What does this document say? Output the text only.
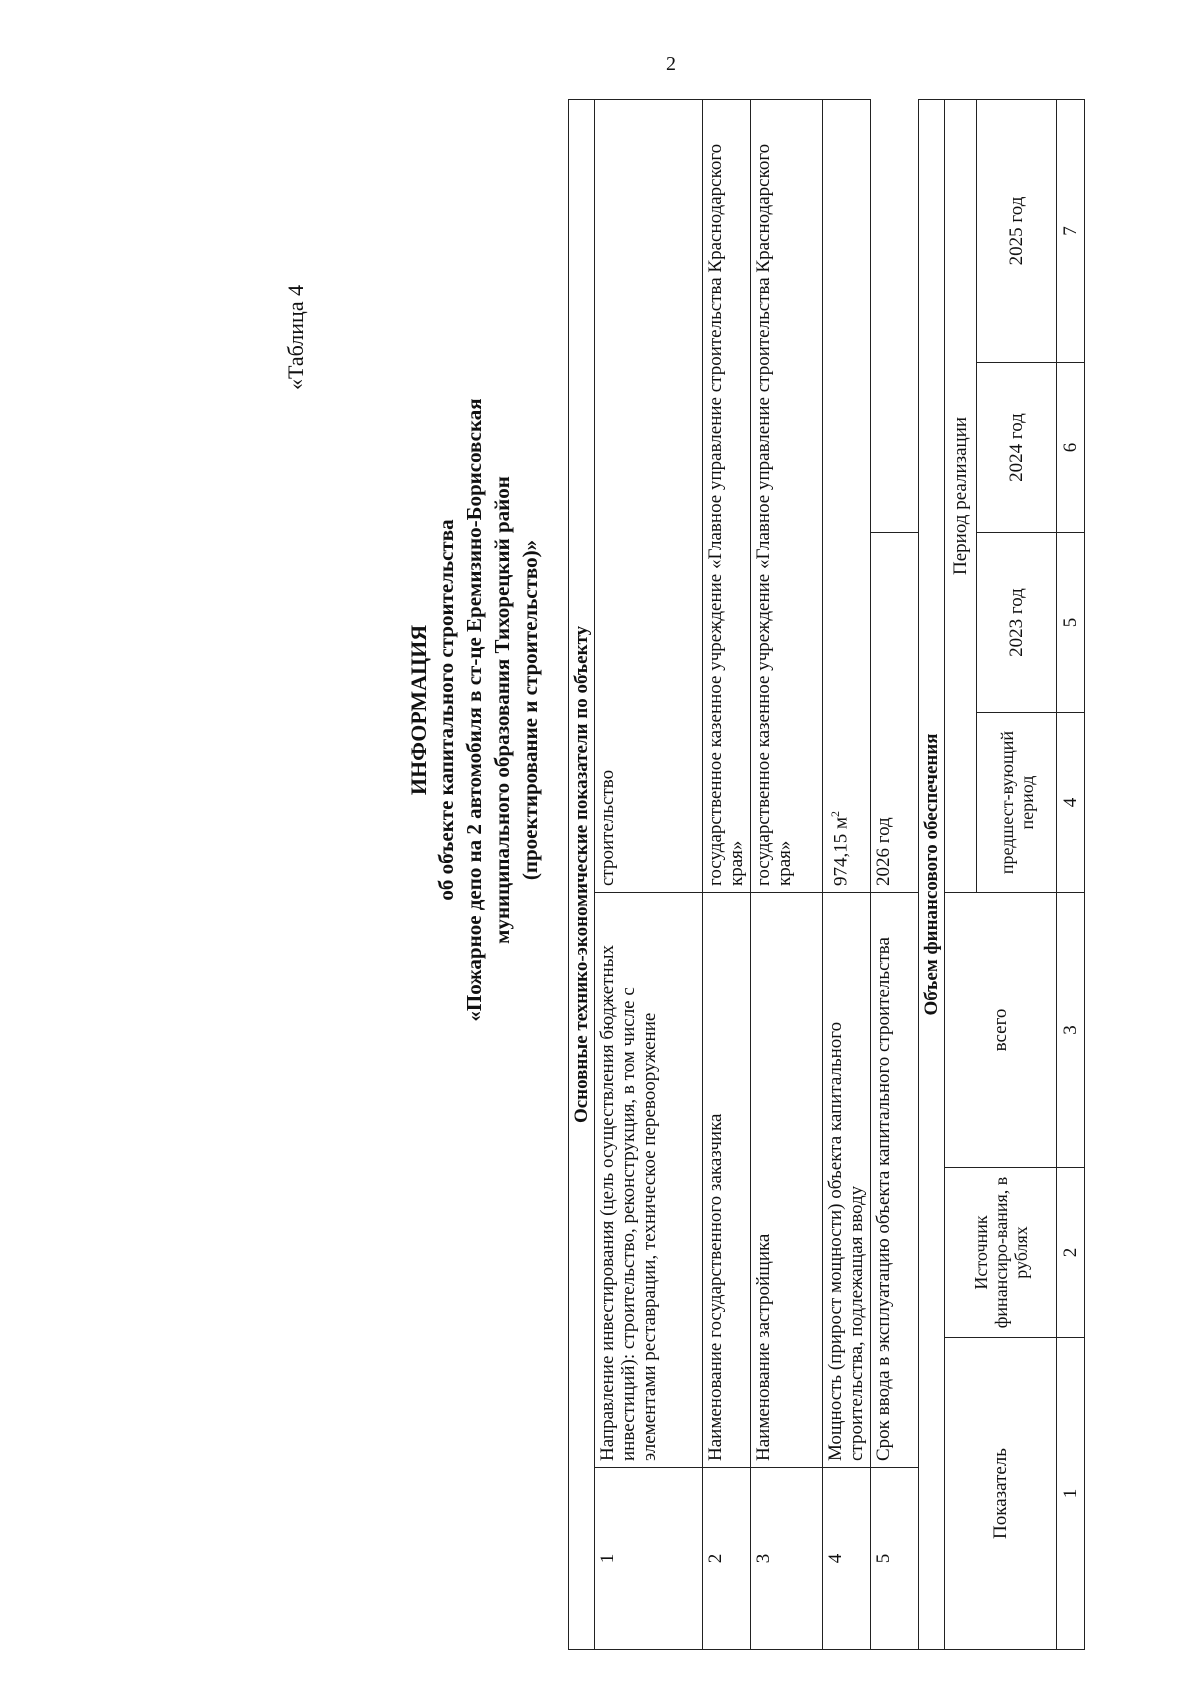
2
«Таблица 4
ИНФОРМАЦИЯ об объекте капитального строительства «Пожарное депо на 2 автомобиля в ст-це Еремизино-Борисовская муниципального образования Тихорецкий район (проектирование и строительство)» Основные технико-экономические показатели по объекту							
1	Направление инвестирования (цель осуществления бюджетных инвестиций): строительство, реконструкция, в том числе с элементами реставрации, техническое перевооружение			строительство			
2	Наименование государственного заказчика			государственное казенное учреждение «Главное управление строительства Краснодарского края»			
3	Наименование застройщика			государственное казенное учреждение «Главное управление строительства Краснодарского края»			
4	Мощность (прирост мощности) объекта капитального строительства, подлежащая вводу			974,15 $м^2$
5	Срок ввода в эксплуатацию объекта капитального строительства			2026 год			
Объем финансового обеспечения							
Показатель		Источник финансиро-вания, в рублях	всего	Период реализации			
				предшест-вующий период	2023 год	2024 год	2025 год
1		2	3	4	5	6	7
